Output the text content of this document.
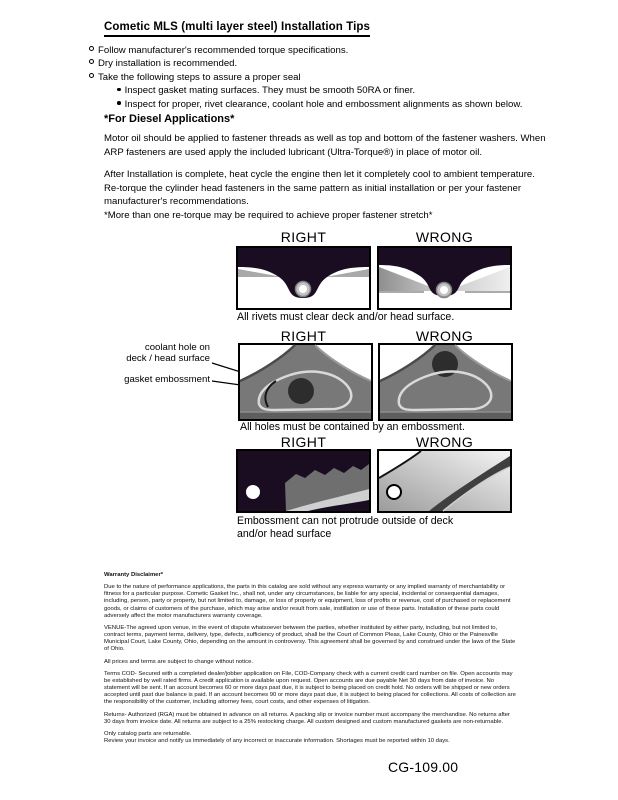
Cometic MLS (multi layer steel) Installation Tips
Follow manufacturer's recommended torque specifications.
Dry installation is recommended.
Take the following steps to assure a proper seal
Inspect gasket mating surfaces. They must be smooth 50RA or finer.
Inspect for proper, rivet clearance, coolant hole and embossment alignments as shown below.
*For Diesel Applications*
Motor oil should be applied to fastener threads as well as top and bottom of the fastener washers. When ARP fasteners are used apply the included lubricant (Ultra-Torque®) in place of motor oil.
After Installation is complete, heat cycle the engine then let it completely cool to ambient temperature. Re-torque the cylinder head fasteners in the same pattern as initial installation or per your fastener manufacturer's recommendations.
*More than one re-torque may be required to achieve proper fastener stretch*
RIGHT	WRONG
All rivets must clear deck and/or head surface.
RIGHT	WRONG
coolant hole on
deck / head surface
gasket embossment
All holes must be contained by an embossment.
RIGHT	WRONG
Embossment can not protrude outside of deck
and/or head surface
Warranty Disclaimer*

Due to the nature of performance applications, the parts in this catalog are sold without any express warranty or any implied warranty of merchantability or fitness for a particular purpose. Cometic Gasket Inc., shall not, under any circumstances, be liable for any special, incidental or consequential damages, including, person, party or property, but not limited to, damage, or loss of property or equipment, loss of profits or revenue, cost of purchased or replacement goods, or claims of customers of the purchase, which may arise and/or result from sale, instillation or use of these parts. Installation of these parts could adversely affect the motor manufacturers warranty coverage.

VENUE-The agreed upon venue, in the event of dispute whatsoever between the parties, whether instituted by either party, including, but not limited to, contract terms, payment terms, delivery, type, defects, sufficiency of product, shall be the Court of Common Pleas, Lake County, Ohio or the Painesville Municipal Court, Lake County, Ohio, depending on the amount in controversy. This agreement shall be governed by and construed under the laws of the State of Ohio.

All prices and terms are subject to change without notice.

Terms COD- Secured with a completed dealer/jobber application on File, COD-Company check with a current credit card number on file. Open accounts may be established by well rated firms. A credit application is available upon request. Open accounts are due payable Net 30 days from date of invoice. No statement will be sent. If an account becomes 60 or more days past due, it is subject to being placed on credit hold. No orders will be shipped or new orders accepted until past due balance is paid. If an account becomes 90 or more days past due, it is subject to being placed for collections. All costs of collection are the responsibility of the customer, including attorney fees, court costs, and other expenses of litigation.

Returns- Authorized (RGA) must be obtained in advance on all returns. A packing slip or invoice number must accompany the merchandise. No returns after 30 days from invoice date. All returns are subject to a 25% restocking charge. All custom designed and custom manufactured gaskets are non-returnable.

Only catalog parts are returnable.

Review your invoice and notify us immediately of any incorrect or inaccurate information. Shortages must be reported within 10 days.

CG-109.00
